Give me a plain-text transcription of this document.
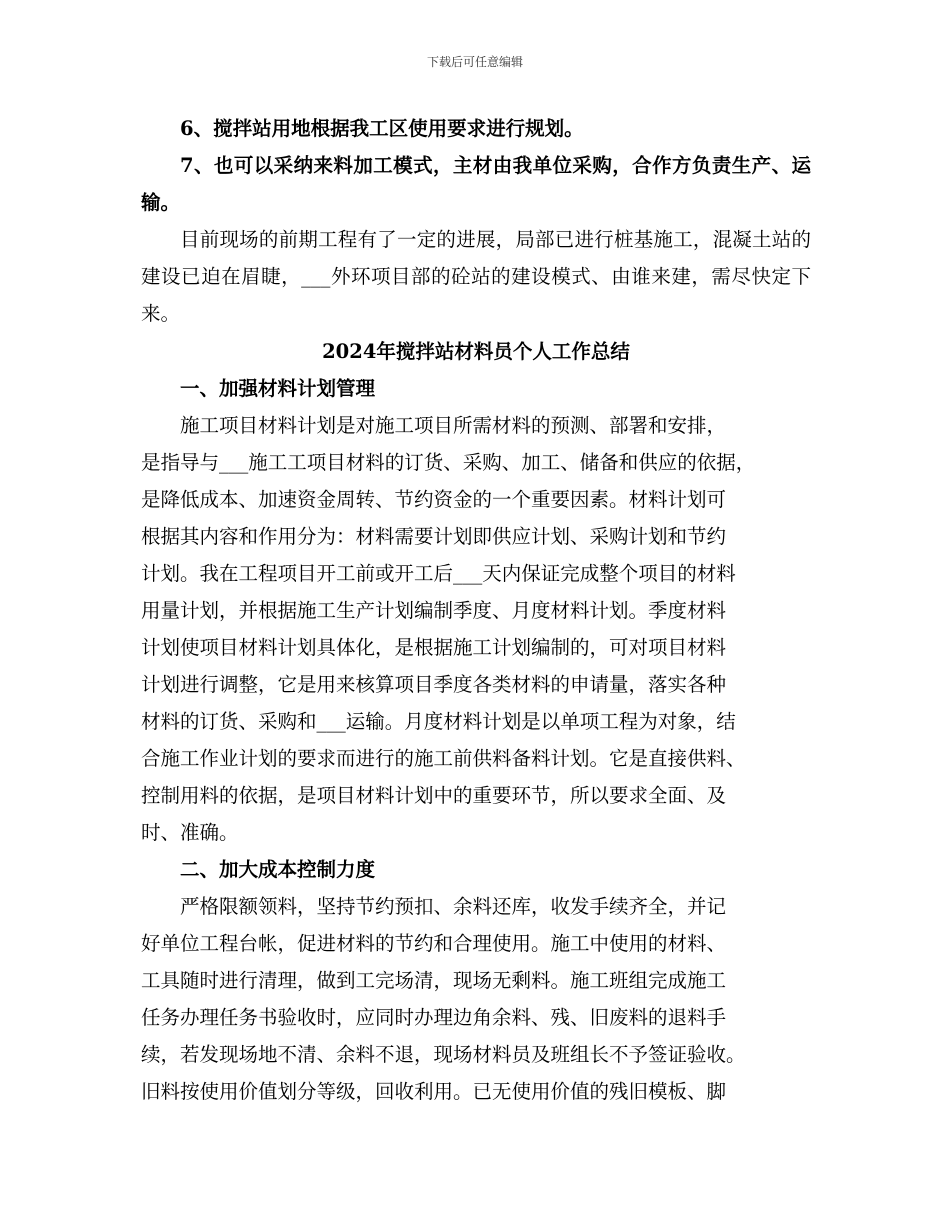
下载后可任意编辑

6、搅拌站用地根据我工区使用要求进行规划。

7、也可以采纳来料加工模式，主材由我单位采购，合作方负责生产、运输。

目前现场的前期工程有了一定的进展，局部已进行桩基施工，混凝土站的建设已迫在眉睫，___外环项目部的砼站的建设模式、由谁来建，需尽快定下来。

2024年搅拌站材料员个人工作总结

一、加强材料计划管理

施工项目材料计划是对施工项目所需材料的预测、部署和安排，
是指导与___施工工项目材料的订货、采购、加工、储备和供应的依据，
是降低成本、加速资金周转、节约资金的一个重要因素。材料计划可
根据其内容和作用分为：材料需要计划即供应计划、采购计划和节约
计划。我在工程项目开工前或开工后___天内保证完成整个项目的材料
用量计划，并根据施工生产计划编制季度、月度材料计划。季度材料
计划使项目材料计划具体化，是根据施工计划编制的，可对项目材料
计划进行调整，它是用来核算项目季度各类材料的申请量，落实各种
材料的订货、采购和___运输。月度材料计划是以单项工程为对象，结
合施工作业计划的要求而进行的施工前供料备料计划。它是直接供料、
控制用料的依据，是项目材料计划中的重要环节，所以要求全面、及
时、准确。

二、加大成本控制力度

严格限额领料，坚持节约预扣、余料还库，收发手续齐全，并记
好单位工程台帐，促进材料的节约和合理使用。施工中使用的材料、
工具随时进行清理，做到工完场清，现场无剩料。施工班组完成施工
任务办理任务书验收时，应同时办理边角余料、残、旧废料的退料手
续，若发现场地不清、余料不退，现场材料员及班组长不予签证验收。
旧料按使用价值划分等级，回收利用。已无使用价值的残旧模板、脚
